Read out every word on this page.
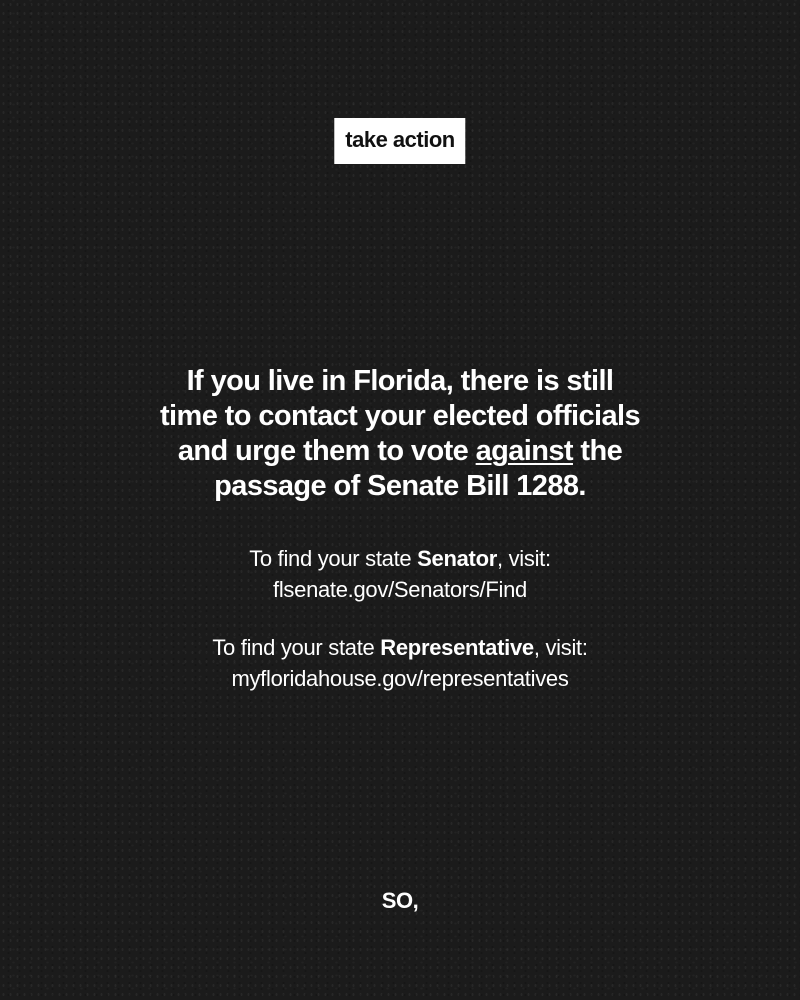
take action
If you live in Florida, there is still
time to contact your elected officials
and urge them to vote against the
passage of Senate Bill 1288.
To find your state Senator, visit:
flsenate.gov/Senators/Find
To find your state Representative, visit:
myfloridahouse.gov/representatives
SO,
